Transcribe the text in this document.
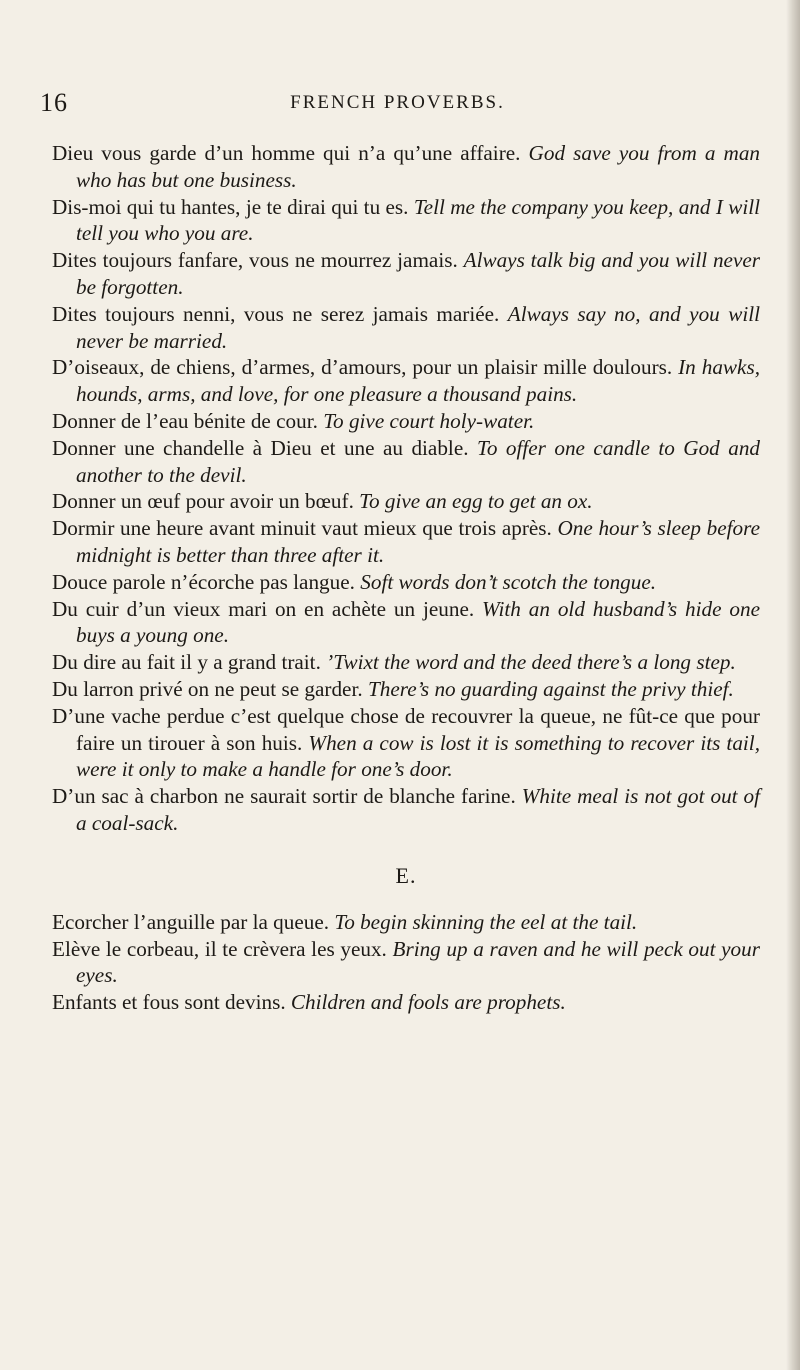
16	FRENCH PROVERBS.

Dieu vous garde d’un homme qui n’a qu’une affaire. God save you from a man who has but one business.

Dis-moi qui tu hantes, je te dirai qui tu es. Tell me the company you keep, and I will tell you who you are.

Dites toujours fanfare, vous ne mourrez jamais. Always talk big and you will never be forgotten.

Dites toujours nenni, vous ne serez jamais mariée. Always say no, and you will never be married.

D’oiseaux, de chiens, d’armes, d’amours, pour un plaisir mille doulours. In hawks, hounds, arms, and love, for one pleasure a thousand pains.

Donner de l’eau bénite de cour. To give court holy-water.

Donner une chandelle à Dieu et une au diable. To offer one candle to God and another to the devil.

Donner un œuf pour avoir un bœuf. To give an egg to get an ox.

Dormir une heure avant minuit vaut mieux que trois après. One hour’s sleep before midnight is better than three after it.

Douce parole n’écorche pas langue. Soft words don’t scotch the tongue.

Du cuir d’un vieux mari on en achète un jeune. With an old husband’s hide one buys a young one.

Du dire au fait il y a grand trait. ’Twixt the word and the deed there’s a long step.

Du larron privé on ne peut se garder. There’s no guarding against the privy thief.

D’une vache perdue c’est quelque chose de recouvrer la queue, ne fût-ce que pour faire un tirouer à son huis. When a cow is lost it is something to recover its tail, were it only to make a handle for one’s door.

D’un sac à charbon ne saurait sortir de blanche farine. White meal is not got out of a coal-sack.

E.

Ecorcher l’anguille par la queue. To begin skinning the eel at the tail.

Elève le corbeau, il te crèvera les yeux. Bring up a raven and he will peck out your eyes.

Enfants et fous sont devins. Children and fools are prophets.
